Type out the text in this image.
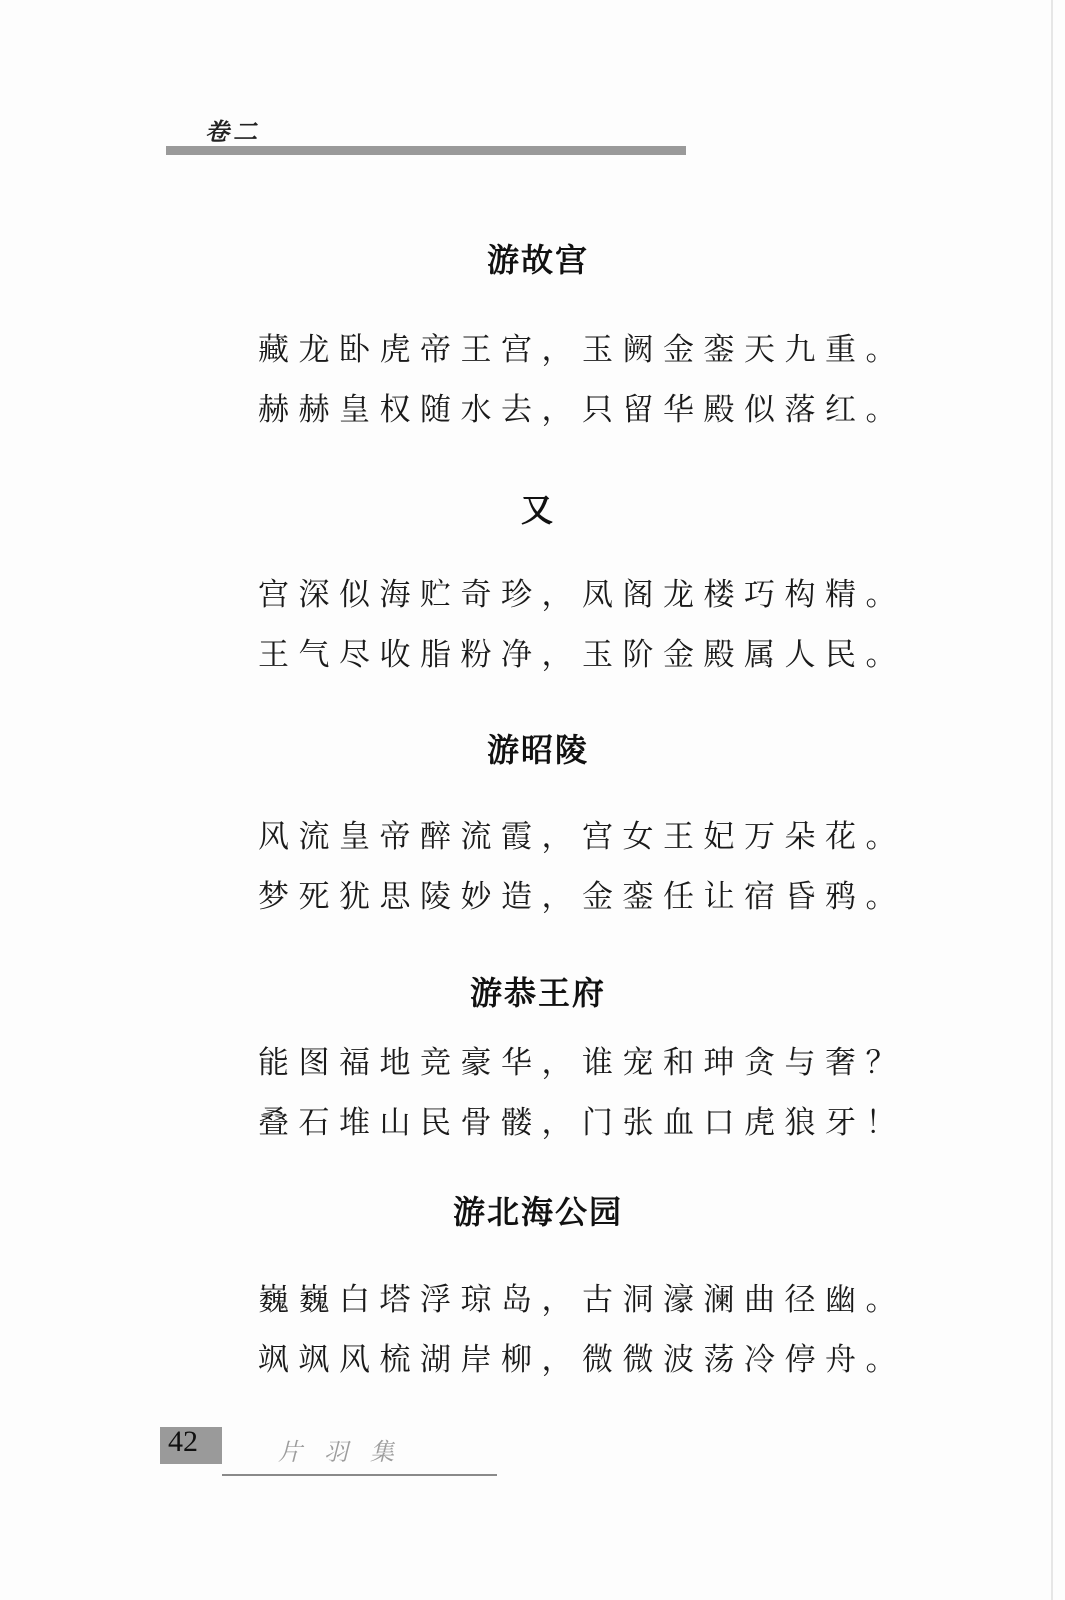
卷二
游故宫

藏龙卧虎帝王宫，玉阙金銮天九重。

赫赫皇权随水去，只留华殿似落红。

又

宫深似海贮奇珍，凤阁龙楼巧构精。

王气尽收脂粉净，玉阶金殿属人民。

游昭陵

风流皇帝醉流霞，宫女王妃万朵花。

梦死犹思陵妙造，金銮任让宿昏鸦。

游恭王府

能图福地竞豪华，谁宠和珅贪与奢？

叠石堆山民骨髅，门张血口虎狼牙！

游北海公园

巍巍白塔浮琼岛，古洞濠澜曲径幽。

飒飒风梳湖岸柳，微微波荡冷停舟。

42	片羽集
